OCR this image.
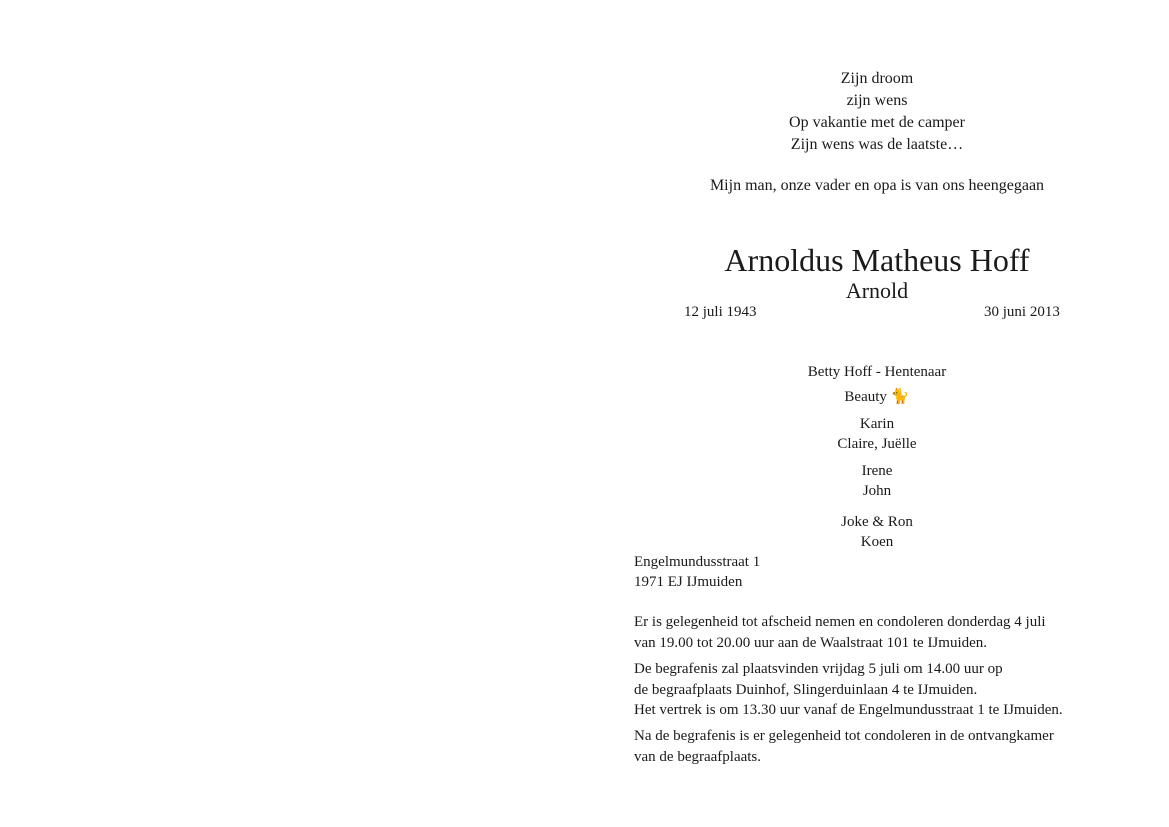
Zijn droom
zijn wens
Op vakantie met de camper
Zijn wens was de laatste…
Mijn man, onze vader en opa is van ons heengegaan
Arnoldus Matheus Hoff
Arnold
12 juli 1943	30 juni 2013
Betty Hoff - Hentenaar
Beauty 🐈
Karin
Claire, Juëlle
Irene
John
Joke & Ron
Koen
Engelmundusstraat 1
1971 EJ IJmuiden
Er is gelegenheid tot afscheid nemen en condoleren donderdag 4 juli
van 19.00 tot 20.00 uur aan de Waalstraat 101 te IJmuiden.
De begrafenis zal plaatsvinden vrijdag 5 juli om 14.00 uur op
de begraafplaats Duinhof, Slingerduinlaan 4 te IJmuiden.
Het vertrek is om 13.30 uur vanaf de Engelmundusstraat 1 te IJmuiden.
Na de begrafenis is er gelegenheid tot condoleren in de ontvangkamer
van de begraafplaats.
